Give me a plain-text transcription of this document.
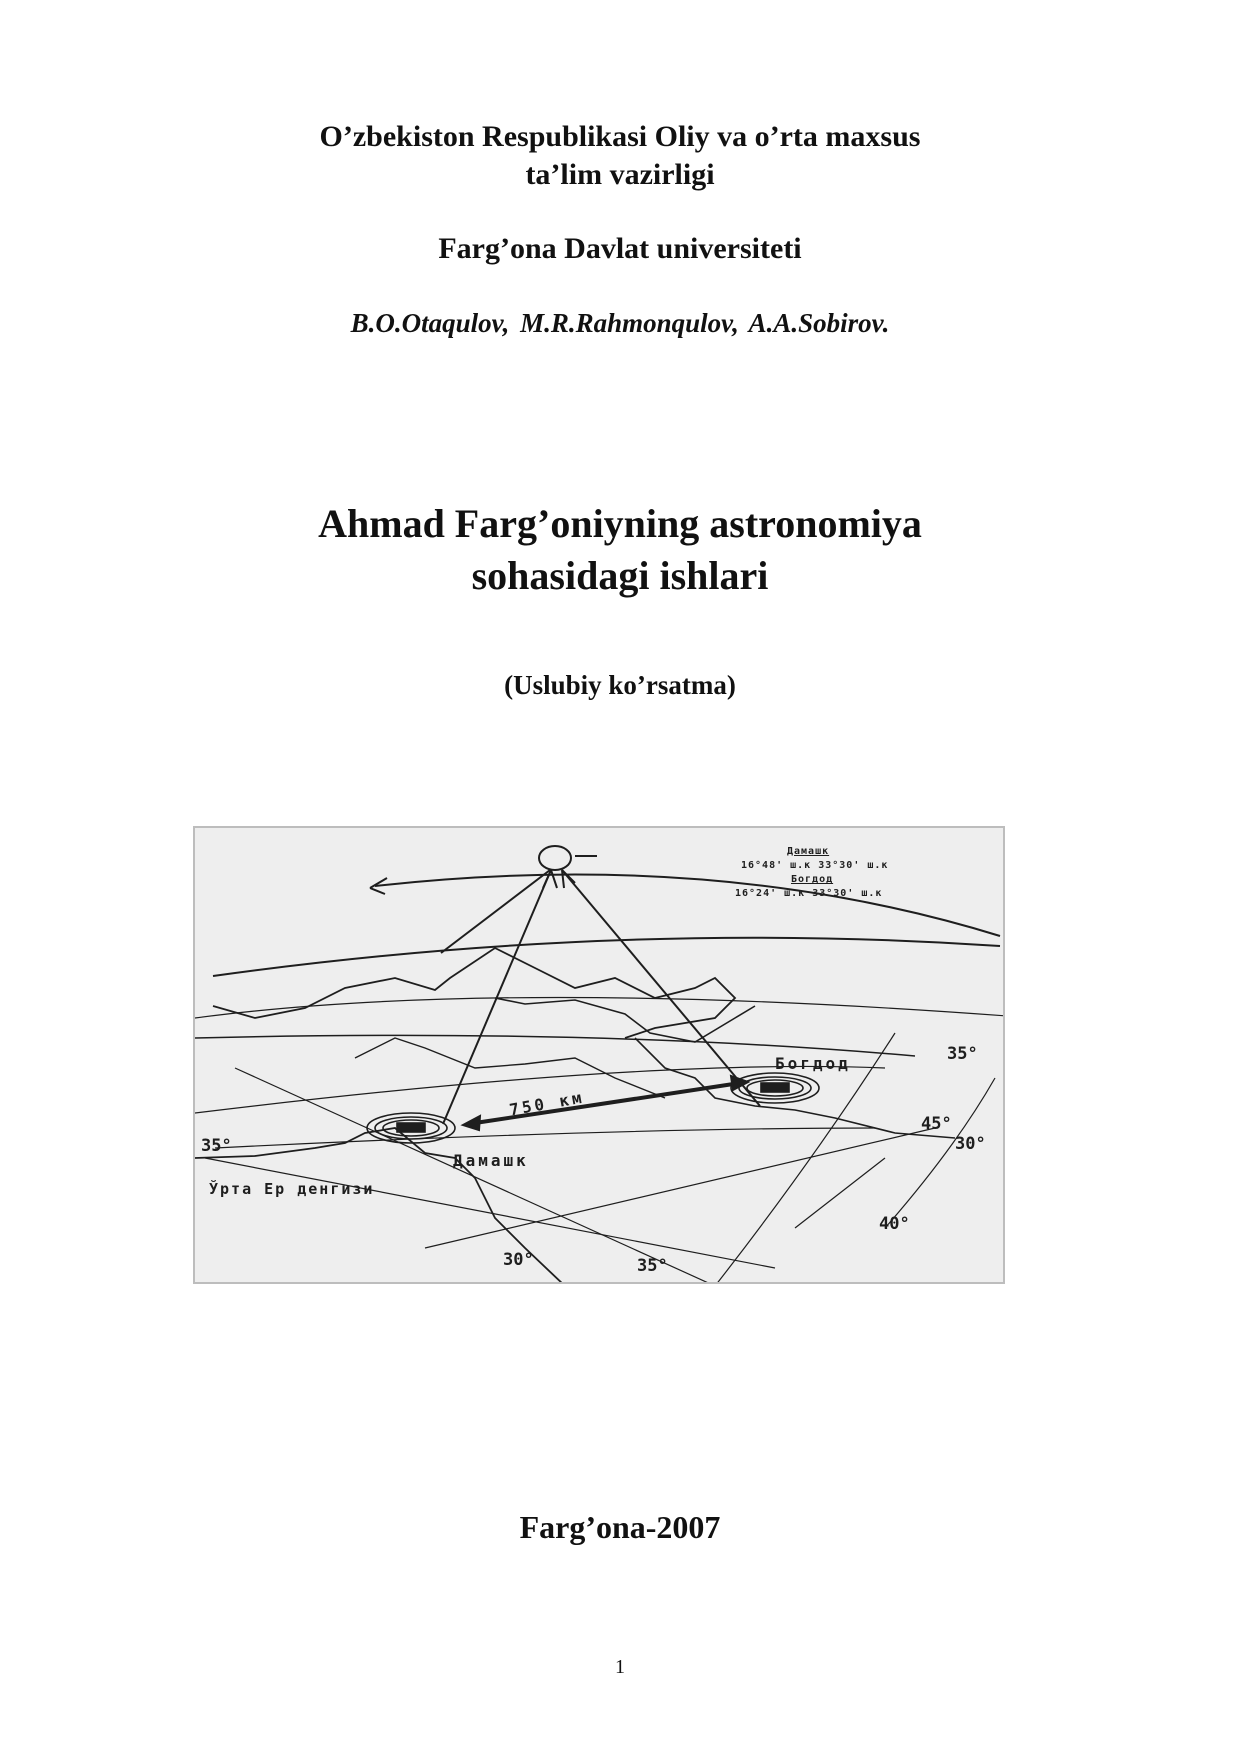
O’zbekiston Respublikasi Oliy va o’rta maxsus
ta’lim vazirligi
Farg’ona Davlat universiteti
B.O.Otaqulov, M.R.Rahmonqulov, A.A.Sobirov.
Ahmad Farg’oniyning astronomiya
sohasidagi ishlari
(Uslubiy ko’rsatma)
Дамашк
16°48' ш.к 33°30' ш.к
Богдод
16°24' ш.к 33°30' ш.к
Богдод
Дамашк
750 км
Ўрта Ер денгизи
35°
45°
30°
40°
35°
30°
35°
Farg’ona-2007
1
